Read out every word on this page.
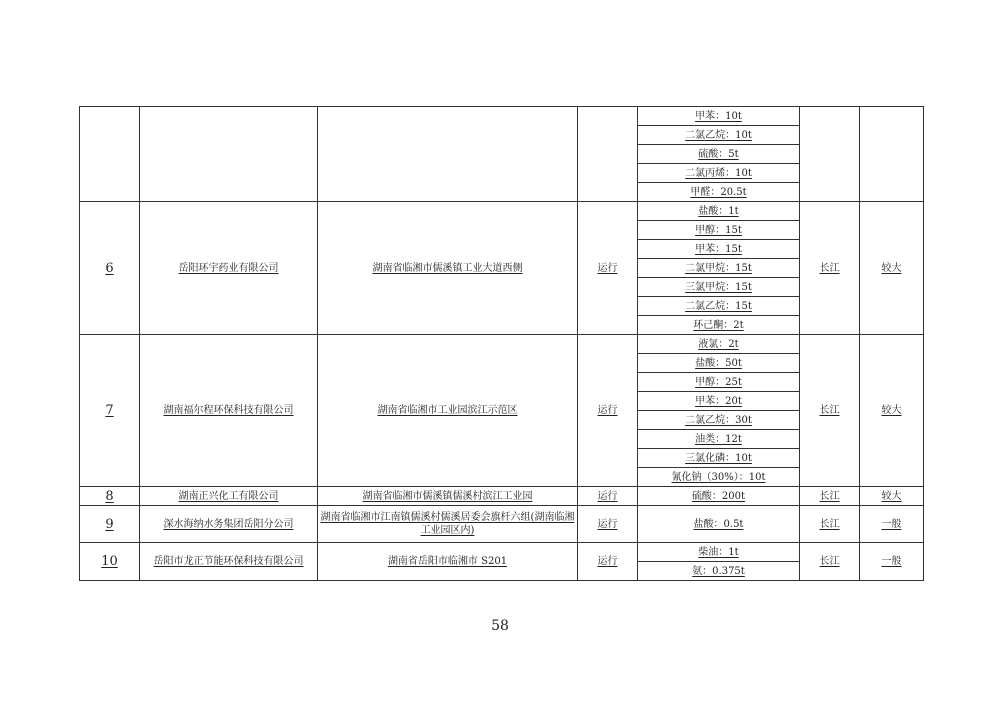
				甲苯：10t		
				二氯乙烷：10t		
				硫酸：5t		
				二氯丙烯：10t		
				甲醛：20.5t		
6	岳阳环宇药业有限公司	湖南省临湘市儒溪镇工业大道西侧	运行	盐酸：1t	长江	较大
				甲醇：15t		
				甲苯：15t		
				二氯甲烷：15t		
				三氯甲烷：15t		
				二氯乙烷：15t		
				环己酮：2t		
7	湖南福尔程环保科技有限公司	湖南省临湘市工业园滨江示范区	运行	液氯：2t	长江	较大
				盐酸：50t		
				甲醇：25t		
				甲苯：20t		
				二氯乙烷：30t		
				油类：12t		
				三氯化磷：10t		
				氰化钠（30%）：10t		
8	湖南正兴化工有限公司	湖南省临湘市儒溪镇儒溪村滨江工业园	运行	硫酸：200t	长江	较大
9	深水海纳水务集团岳阳分公司	湖南省临湘市江南镇儒溪村儒溪居委会旗杆六组(湖南临湘工业园区内)	运行	盐酸：0.5t	长江	一般
10	岳阳市龙正节能环保科技有限公司	湖南省岳阳市临湘市 S201	运行	柴油：1t	长江	一般
				氨：0.375t		
58
